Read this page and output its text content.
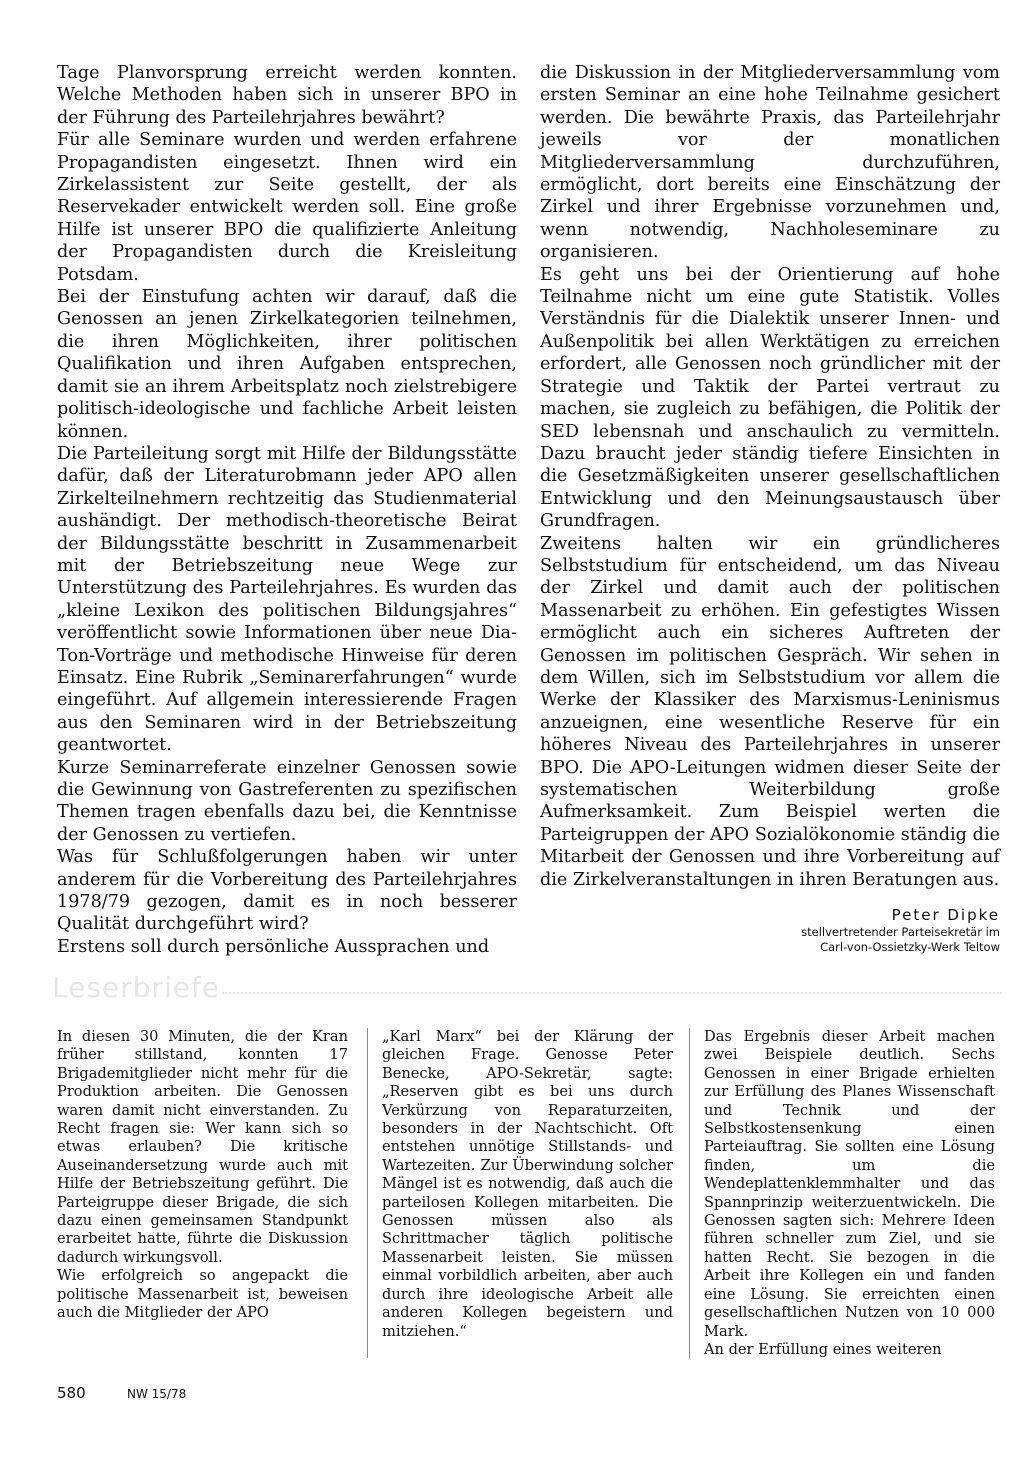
Tage Planvorsprung erreicht werden konnten. Welche Methoden haben sich in unserer BPO in der Führung des Parteilehrjahres bewährt?

Für alle Seminare wurden und werden erfahrene Propagandisten eingesetzt. Ihnen wird ein Zirkelassistent zur Seite gestellt, der als Reservekader entwickelt werden soll. Eine große Hilfe ist unserer BPO die qualifizierte Anleitung der Propagandisten durch die Kreisleitung Potsdam.

Bei der Einstufung achten wir darauf, daß die Genossen an jenen Zirkelkategorien teilnehmen, die ihren Möglichkeiten, ihrer politischen Qualifikation und ihren Aufgaben entsprechen, damit sie an ihrem Arbeitsplatz noch zielstrebigere politisch-ideologische und fachliche Arbeit leisten können.

Die Parteileitung sorgt mit Hilfe der Bildungsstätte dafür, daß der Literaturobmann jeder APO allen Zirkelteilnehmern rechtzeitig das Studienmaterial aushändigt. Der methodisch-theoretische Beirat der Bildungsstätte beschritt in Zusammenarbeit mit der Betriebszeitung neue Wege zur Unterstützung des Parteilehrjahres. Es wurden das „kleine Lexikon des politischen Bildungsjahres“ veröffentlicht sowie Informationen über neue Dia-Ton-Vorträge und methodische Hinweise für deren Einsatz. Eine Rubrik „Seminarerfahrungen“ wurde eingeführt. Auf allgemein interessierende Fragen aus den Seminaren wird in der Betriebszeitung geantwortet.

Kurze Seminarreferate einzelner Genossen sowie die Gewinnung von Gastreferenten zu spezifischen Themen tragen ebenfalls dazu bei, die Kenntnisse der Genossen zu vertiefen.

Was für Schlußfolgerungen haben wir unter anderem für die Vorbereitung des Parteilehrjahres 1978/79 gezogen, damit es in noch besserer Qualität durchgeführt wird?

Erstens soll durch persönliche Aussprachen und

die Diskussion in der Mitgliederversammlung vom ersten Seminar an eine hohe Teilnahme gesichert werden. Die bewährte Praxis, das Parteilehrjahr jeweils vor der monatlichen Mitgliederversammlung durchzuführen, ermöglicht, dort bereits eine Einschätzung der Zirkel und ihrer Ergebnisse vorzunehmen und, wenn notwendig, Nachholeseminare zu organisieren.

Es geht uns bei der Orientierung auf hohe Teilnahme nicht um eine gute Statistik. Volles Verständnis für die Dialektik unserer Innen- und Außenpolitik bei allen Werktätigen zu erreichen erfordert, alle Genossen noch gründlicher mit der Strategie und Taktik der Partei vertraut zu machen, sie zugleich zu befähigen, die Politik der SED lebensnah und anschaulich zu vermitteln. Dazu braucht jeder ständig tiefere Einsichten in die Gesetzmäßigkeiten unserer gesellschaftlichen Entwicklung und den Meinungsaustausch über Grundfragen.

Zweitens halten wir ein gründlicheres Selbststudium für entscheidend, um das Niveau der Zirkel und damit auch der politischen Massenarbeit zu erhöhen. Ein gefestigtes Wissen ermöglicht auch ein sicheres Auftreten der Genossen im politischen Gespräch. Wir sehen in dem Willen, sich im Selbststudium vor allem die Werke der Klassiker des Marxismus-Leninismus anzueignen, eine wesentliche Reserve für ein höheres Niveau des Parteilehrjahres in unserer BPO. Die APO-Leitungen widmen dieser Seite der systematischen Weiterbildung große Aufmerksamkeit. Zum Beispiel werten die Parteigruppen der APO Sozialökonomie ständig die Mitarbeit der Genossen und ihre Vorbereitung auf die Zirkelveranstaltungen in ihren Beratungen aus.

Peter Dipke
stellvertretender Parteisekretär im
Carl-von-Ossietzky-Werk Teltow
Leserbriefe

In diesen 30 Minuten, die der Kran früher stillstand, konnten 17 Brigademitglieder nicht mehr für die Produktion arbeiten. Die Genossen waren damit nicht einverstanden. Zu Recht fragen sie: Wer kann sich so etwas erlauben? Die kritische Auseinandersetzung wurde auch mit Hilfe der Betriebszeitung geführt. Die Parteigruppe dieser Brigade, die sich dazu einen gemeinsamen Standpunkt erarbeitet hatte, führte die Diskussion dadurch wirkungsvoll.

Wie erfolgreich so angepackt die politische Massenarbeit ist, beweisen auch die Mitglieder der APO

„Karl Marx“ bei der Klärung der gleichen Frage. Genosse Peter Benecke, APO-Sekretär, sagte: „Reserven gibt es bei uns durch Verkürzung von Reparaturzeiten, besonders in der Nachtschicht. Oft entstehen unnötige Stillstands- und Wartezeiten. Zur Überwindung solcher Mängel ist es notwendig, daß auch die parteilosen Kollegen mitarbeiten. Die Genossen müssen also als Schrittmacher täglich politische Massenarbeit leisten. Sie müssen einmal vorbildlich arbeiten, aber auch durch ihre ideologische Arbeit alle anderen Kollegen begeistern und mitziehen.“

Das Ergebnis dieser Arbeit machen zwei Beispiele deutlich. Sechs Genossen in einer Brigade erhielten zur Erfüllung des Planes Wissenschaft und Technik und der Selbstkostensenkung einen Parteiauftrag. Sie sollten eine Lösung finden, um die Wendeplattenklemmhalter und das Spannprinzip weiterzuentwickeln. Die Genossen sagten sich: Mehrere Ideen führen schneller zum Ziel, und sie hatten Recht. Sie bezogen in die Arbeit ihre Kollegen ein und fanden eine Lösung. Sie erreichten einen gesellschaftlichen Nutzen von 10 000 Mark.

An der Erfüllung eines weiteren

580	NW 15/78
